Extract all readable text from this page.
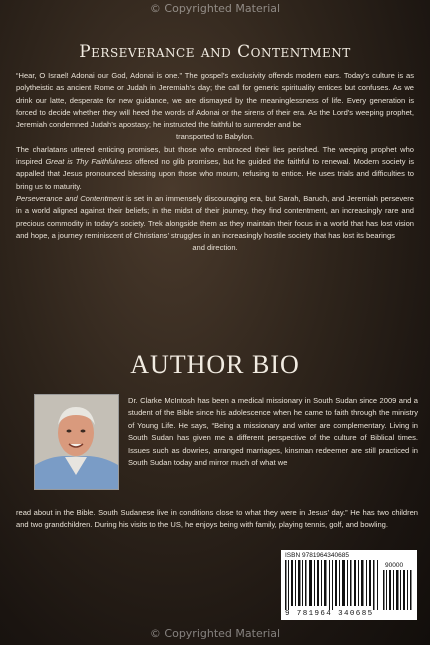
© Copyrighted Material
Perseverance and Contentment

“Hear, O Israel! Adonai our God, Adonai is one.” The gospel’s exclusivity offends modern ears. Today’s culture is as polytheistic as ancient Rome or Judah in Jeremiah’s day; the call for generic spirituality entices but confuses. As we drink our latte, desperate for new guidance, we are dismayed by the meaninglessness of life. Every generation is forced to decide whether they will heed the words of Adonai or the sirens of their era. As the Lord’s weeping prophet, Jeremiah condemned Judah’s apostasy; he instructed the faithful to surrender and be

transported to Babylon.

The charlatans uttered enticing promises, but those who embraced their lies perished. The weeping prophet who inspired Great is Thy Faithfulness offered no glib promises, but he guided the faithful to renewal. Modern society is appalled that Jesus pronounced blessing upon those who mourn, refusing to entice. He uses trials and difficulties to bring us to maturity.

Perseverance and Contentment is set in an immensely discouraging era, but Sarah, Baruch, and Jeremiah persevere in a world aligned against their beliefs; in the midst of their journey, they find contentment, an increasingly rare and precious commodity in today’s society. Trek alongside them as they maintain their focus in a world that has lost vision and hope, a journey reminiscent of Christians’ struggles in an increasingly hostile society that has lost its bearings

and direction.

AUTHOR BIO
Dr. Clarke McIntosh has been a medical missionary in South Sudan since 2009 and a student of the Bible since his adolescence when he came to faith through the ministry of Young Life. He says, “Being a missionary and writer are complementary. Living in South Sudan has given me a different perspective of the culture of Biblical times. Issues such as dowries, arranged marriages, kinsman redeemer are still practiced in South Sudan today and mirror much of what we
read about in the Bible. South Sudanese live in conditions close to what they were in Jesus’ day.” He has two children and two grandchildren. During his visits to the US, he enjoys being with family, playing tennis, golf, and bowling.
ISBN 9781964340685
90000
9 781964 340685
© Copyrighted Material
